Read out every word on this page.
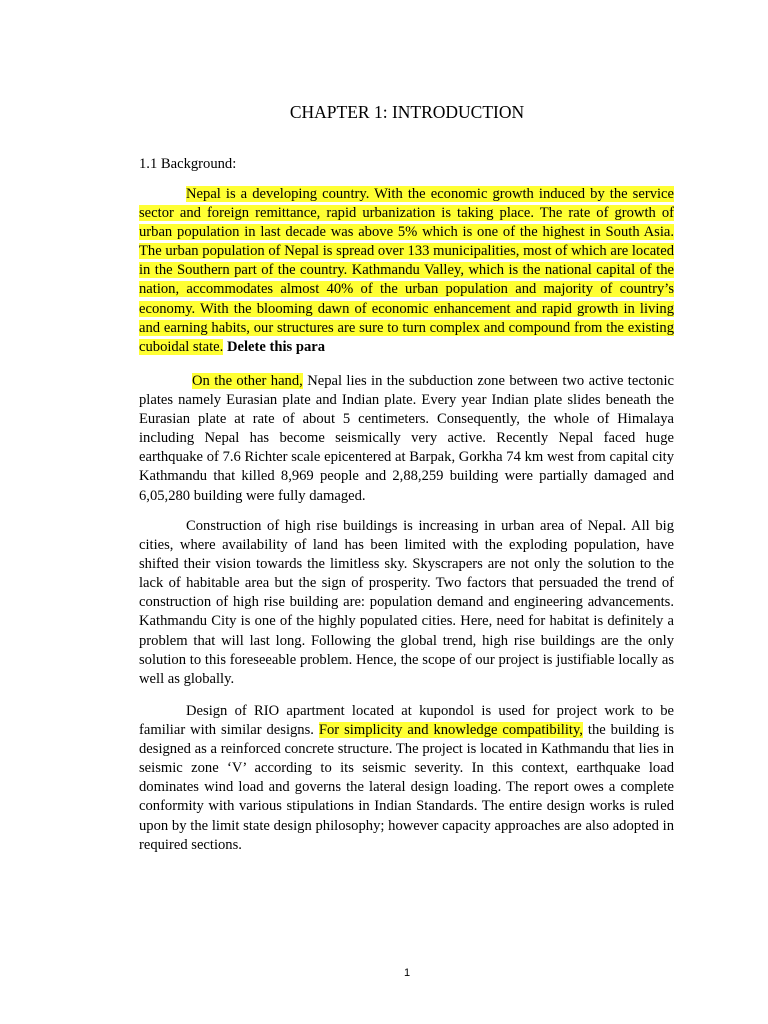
CHAPTER 1: INTRODUCTION

1.1 Background:

Nepal is a developing country. With the economic growth induced by the service sector and foreign remittance, rapid urbanization is taking place. The rate of growth of urban population in last decade was above 5% which is one of the highest in South Asia. The urban population of Nepal is spread over 133 municipalities, most of which are located in the Southern part of the country. Kathmandu Valley, which is the national capital of the nation, accommodates almost 40% of the urban population and majority of country’s economy. With the blooming dawn of economic enhancement and rapid growth in living and earning habits, our structures are sure to turn complex and compound from the existing cuboidal state. Delete this para

On the other hand, Nepal lies in the subduction zone between two active tectonic plates namely Eurasian plate and Indian plate. Every year Indian plate slides beneath the Eurasian plate at rate of about 5 centimeters. Consequently, the whole of Himalaya including Nepal has become seismically very active. Recently Nepal faced huge earthquake of 7.6 Richter scale epicentered at Barpak, Gorkha 74 km west from capital city Kathmandu that killed 8,969 people and 2,88,259 building were partially damaged and 6,05,280 building were fully damaged.

Construction of high rise buildings is increasing in urban area of Nepal. All big cities, where availability of land has been limited with the exploding population, have shifted their vision towards the limitless sky. Skyscrapers are not only the solution to the lack of habitable area but the sign of prosperity. Two factors that persuaded the trend of construction of high rise building are: population demand and engineering advancements. Kathmandu City is one of the highly populated cities. Here, need for habitat is definitely a problem that will last long. Following the global trend, high rise buildings are the only solution to this foreseeable problem. Hence, the scope of our project is justifiable locally as well as globally.

Design of RIO apartment located at kupondol is used for project work to be familiar with similar designs. For simplicity and knowledge compatibility, the building is designed as a reinforced concrete structure. The project is located in Kathmandu that lies in seismic zone ‘V’ according to its seismic severity. In this context, earthquake load dominates wind load and governs the lateral design loading. The report owes a complete conformity with various stipulations in Indian Standards. The entire design works is ruled upon by the limit state design philosophy; however capacity approaches are also adopted in required sections.

1
